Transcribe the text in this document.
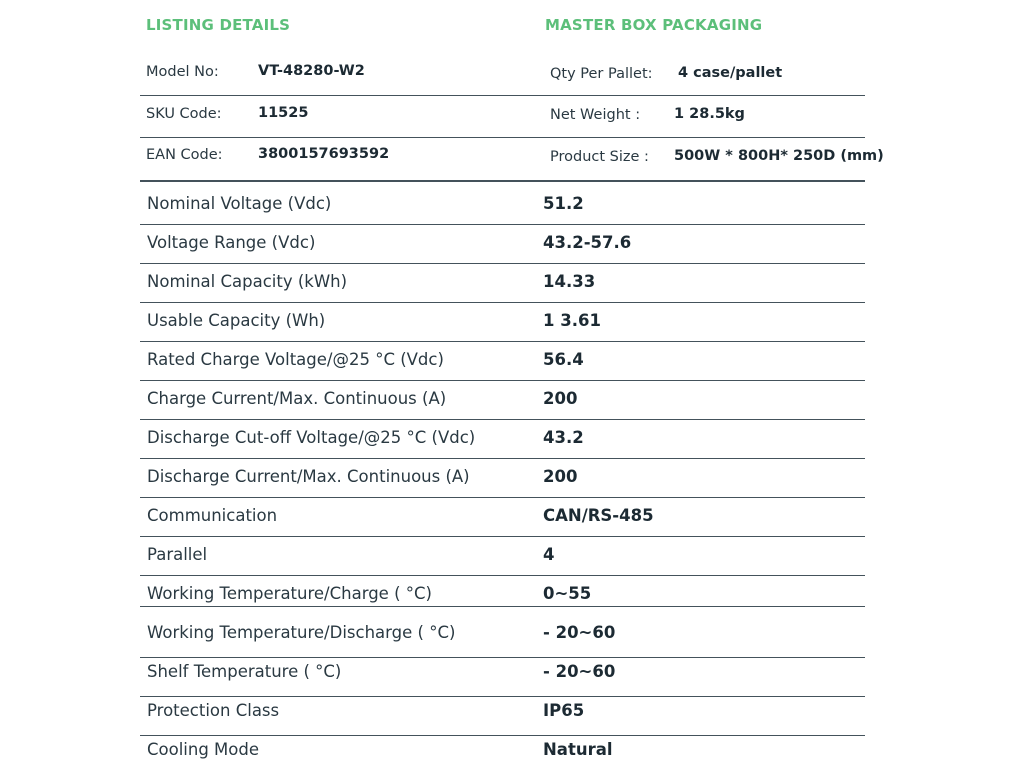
LISTING DETAILS	MASTER BOX PACKAGING
Model No:	VT-48280-W2
SKU Code:	11525
EAN Code: 3800157693592
Qty Per Pallet: 4 case/pallet
Net Weight : 1 28.5kg
Product Size : 500W * 800H* 250D (mm)
Nominal Voltage (Vdc)	51.2
Voltage Range (Vdc)	43.2-57.6
Nominal Capacity (kWh)	14.33
Usable Capacity (Wh)	1 3.61
Rated Charge Voltage/@25 °C (Vdc)	56.4
Charge Current/Max. Continuous (A)	200
Discharge Cut-off Voltage/@25 °C (Vdc)	43.2
Discharge Current/Max. Continuous (A)	200
Communication	CAN/RS-485
Parallel	4
Working Temperature/Charge ( °C)	0~55
Working Temperature/Discharge ( °C)	- 20~60
Shelf Temperature ( °C)	- 20~60
Protection Class	IP65
Cooling Mode	Natural
